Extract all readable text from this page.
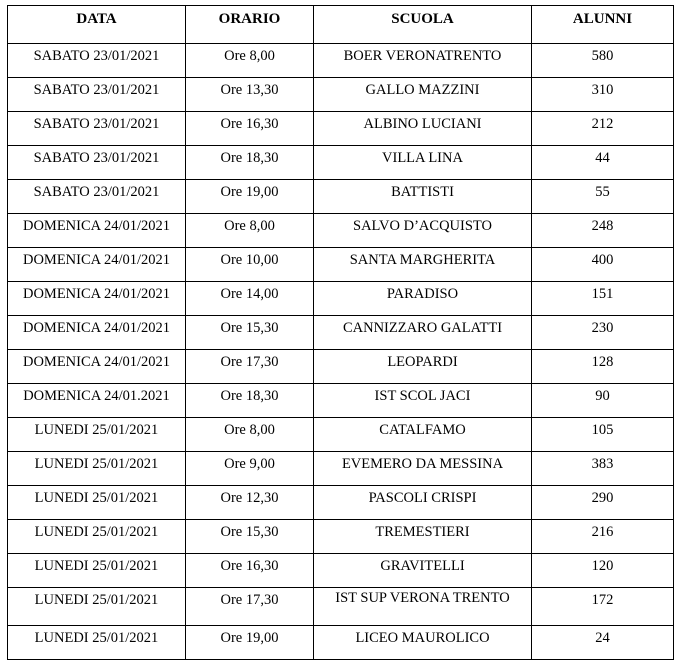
DATA	ORARIO	SCUOLA	ALUNNI
SABATO 23/01/2021	Ore 8,00	BOER VERONATRENTO	580
SABATO 23/01/2021	Ore 13,30	GALLO MAZZINI	310
SABATO 23/01/2021	Ore 16,30	ALBINO LUCIANI	212
SABATO 23/01/2021	Ore 18,30	VILLA LINA	44
SABATO 23/01/2021	Ore 19,00	BATTISTI	55
DOMENICA 24/01/2021	Ore 8,00	SALVO D’ACQUISTO	248
DOMENICA 24/01/2021	Ore 10,00	SANTA MARGHERITA	400
DOMENICA 24/01/2021	Ore 14,00	PARADISO	151
DOMENICA 24/01/2021	Ore 15,30	CANNIZZARO GALATTI	230
DOMENICA 24/01/2021	Ore 17,30	LEOPARDI	128
DOMENICA 24/01.2021	Ore 18,30	IST SCOL JACI	90
LUNEDI 25/01/2021	Ore 8,00	CATALFAMO	105
LUNEDI 25/01/2021	Ore 9,00	EVEMERO DA MESSINA	383
LUNEDI 25/01/2021	Ore 12,30	PASCOLI CRISPI	290
LUNEDI 25/01/2021	Ore 15,30	TREMESTIERI	216
LUNEDI 25/01/2021	Ore 16,30	GRAVITELLI	120
LUNEDI 25/01/2021	Ore 17,30	IST SUP VERONA TRENTO	172
LUNEDI 25/01/2021	Ore 19,00	LICEO MAUROLICO	24
